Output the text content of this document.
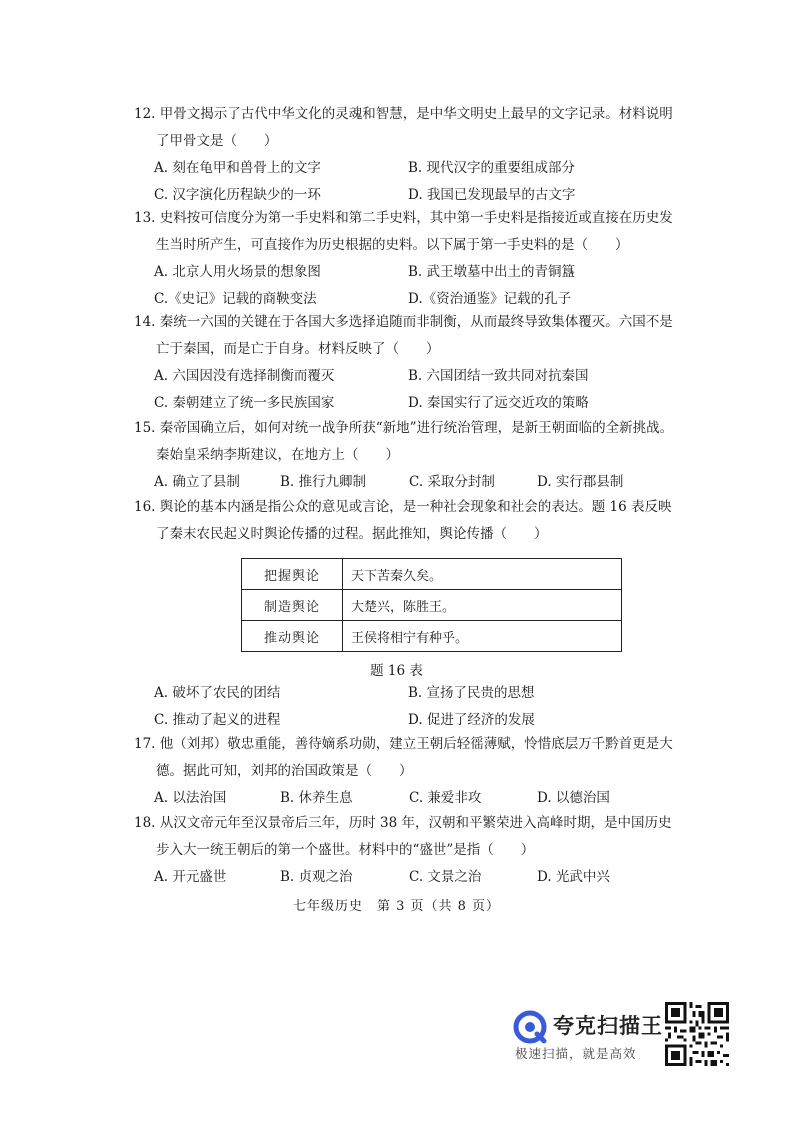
12. 甲骨文揭示了古代中华文化的灵魂和智慧，是中华文明史上最早的文字记录。材料说明了甲骨文是（　　）
A. 刻在龟甲和兽骨上的文字	B. 现代汉字的重要组成部分
C. 汉字演化历程缺少的一环	D. 我国已发现最早的古文字
13. 史料按可信度分为第一手史料和第二手史料，其中第一手史料是指接近或直接在历史发生当时所产生，可直接作为历史根据的史料。以下属于第一手史料的是（　　）
A. 北京人用火场景的想象图	B. 武王墩墓中出土的青铜簋
C.《史记》记载的商鞅变法	D.《资治通鉴》记载的孔子
14. 秦统一六国的关键在于各国大多选择追随而非制衡，从而最终导致集体覆灭。六国不是亡于秦国，而是亡于自身。材料反映了（　　）
A. 六国因没有选择制衡而覆灭	B. 六国团结一致共同对抗秦国
C. 秦朝建立了统一多民族国家	D. 秦国实行了远交近攻的策略
15. 秦帝国确立后，如何对统一战争所获“新地”进行统治管理，是新王朝面临的全新挑战。秦始皇采纳李斯建议，在地方上（　　）
A. 确立了县制	B. 推行九卿制	C. 采取分封制	D. 实行郡县制
16. 舆论的基本内涵是指公众的意见或言论，是一种社会现象和社会的表达。题 16 表反映了秦末农民起义时舆论传播的过程。据此推知，舆论传播（　　）
把握舆论	天下苦秦久矣。
制造舆论	大楚兴，陈胜王。
推动舆论	王侯将相宁有种乎。
题 16 表
A. 破坏了农民的团结	B. 宣扬了民贵的思想
C. 推动了起义的进程	D. 促进了经济的发展
17. 他（刘邦）敬忠重能，善待嫡系功勋，建立王朝后轻徭薄赋，怜惜底层万千黔首更是大德。据此可知，刘邦的治国政策是（　　）
A. 以法治国	B. 休养生息	C. 兼爱非攻	D. 以德治国
18. 从汉文帝元年至汉景帝后三年，历时 38 年，汉朝和平繁荣进入高峰时期，是中国历史步入大一统王朝后的第一个盛世。材料中的“盛世”是指（　　）
A. 开元盛世	B. 贞观之治	C. 文景之治	D. 光武中兴
七年级历史　第 3 页（共 8 页）
夸克扫描王
极速扫描，就是高效
